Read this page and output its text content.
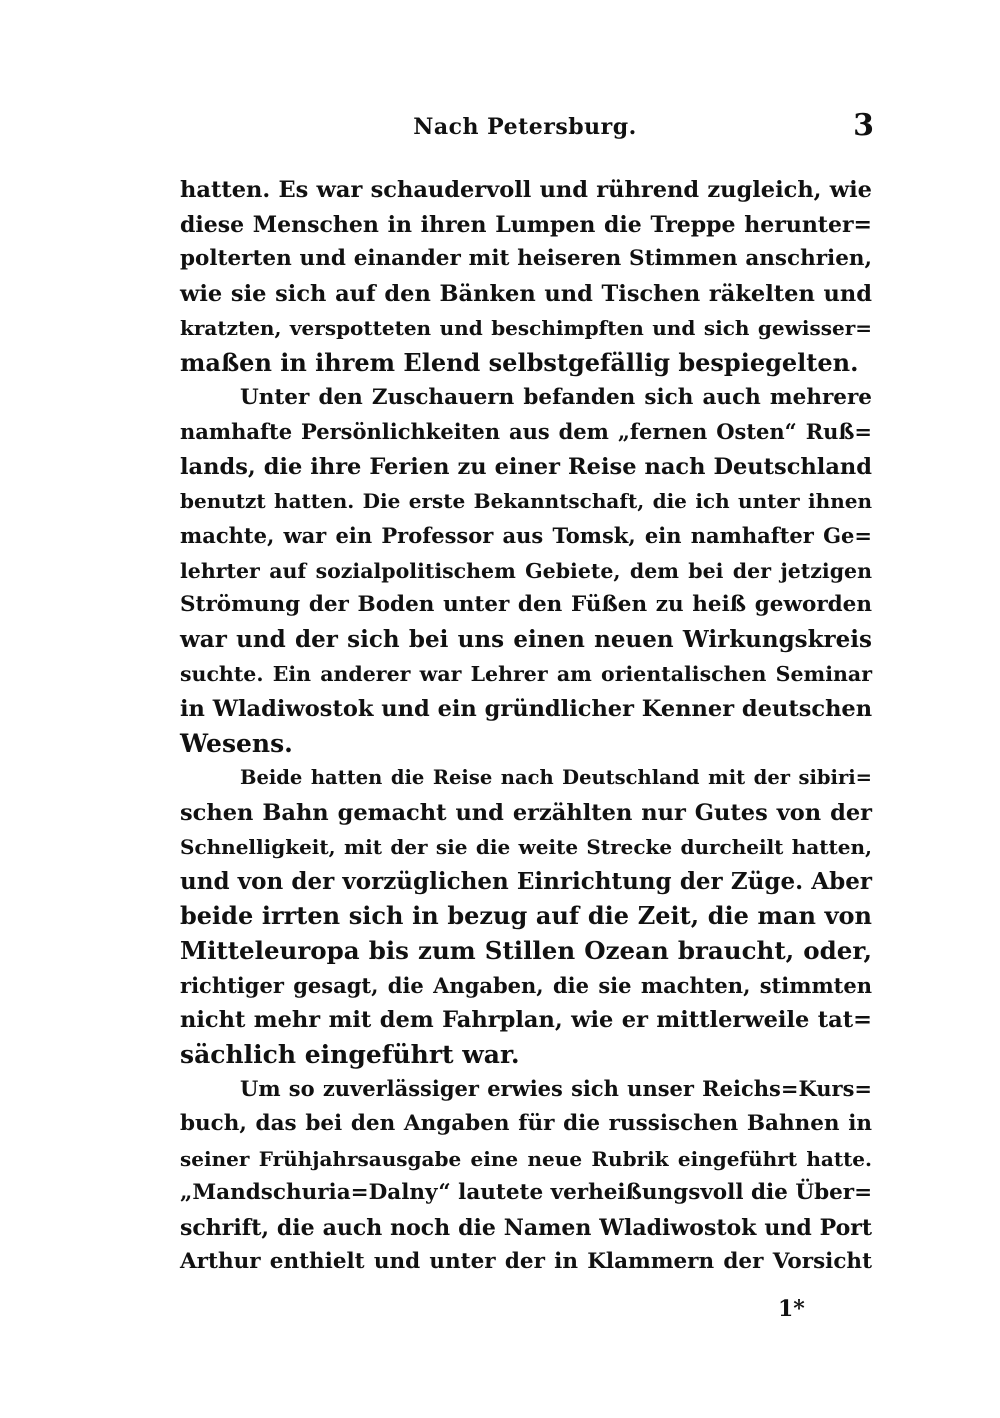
Nach Petersburg.	3
hatten. Es war schaudervoll und rührend zugleich, wie
diese Menschen in ihren Lumpen die Treppe herunter=
polterten und einander mit heiseren Stimmen anschrien,
wie sie sich auf den Bänken und Tischen räkelten und
kratzten, verspotteten und beschimpften und sich gewisser=
maßen in ihrem Elend selbstgefällig bespiegelten.
Unter den Zuschauern befanden sich auch mehrere
namhafte Persönlichkeiten aus dem „fernen Osten“ Ruß=
lands, die ihre Ferien zu einer Reise nach Deutschland
benutzt hatten. Die erste Bekanntschaft, die ich unter ihnen
machte, war ein Professor aus Tomsk, ein namhafter Ge=
lehrter auf sozialpolitischem Gebiete, dem bei der jetzigen
Strömung der Boden unter den Füßen zu heiß geworden
war und der sich bei uns einen neuen Wirkungskreis
suchte. Ein anderer war Lehrer am orientalischen Seminar
in Wladiwostok und ein gründlicher Kenner deutschen
Wesens.
Beide hatten die Reise nach Deutschland mit der sibiri=
schen Bahn gemacht und erzählten nur Gutes von der
Schnelligkeit, mit der sie die weite Strecke durcheilt hatten,
und von der vorzüglichen Einrichtung der Züge. Aber
beide irrten sich in bezug auf die Zeit, die man von
Mitteleuropa bis zum Stillen Ozean braucht, oder,
richtiger gesagt, die Angaben, die sie machten, stimmten
nicht mehr mit dem Fahrplan, wie er mittlerweile tat=
sächlich eingeführt war.
Um so zuverlässiger erwies sich unser Reichs=Kurs=
buch, das bei den Angaben für die russischen Bahnen in
seiner Frühjahrsausgabe eine neue Rubrik eingeführt hatte.
„Mandschuria=Dalny“ lautete verheißungsvoll die Über=
schrift, die auch noch die Namen Wladiwostok und Port
Arthur enthielt und unter der in Klammern der Vorsicht
1*
